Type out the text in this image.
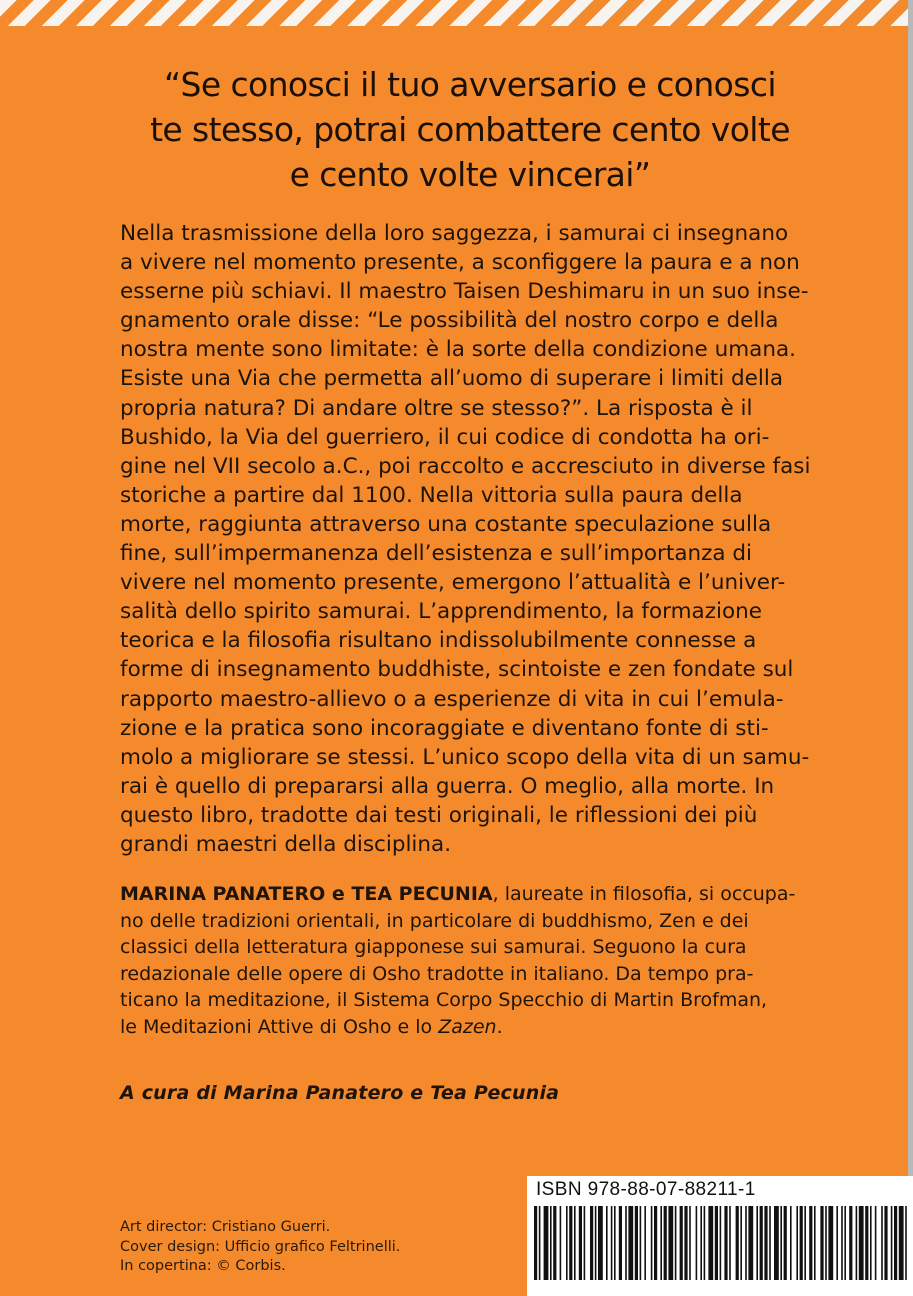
“Se conosci il tuo avversario e conosci
te stesso, potrai combattere cento volte
e cento volte vincerai”
Nella trasmissione della loro saggezza, i samurai ci insegnano
a vivere nel momento presente, a sconfiggere la paura e a non
esserne più schiavi. Il maestro Taisen Deshimaru in un suo inse-
gnamento orale disse: “Le possibilità del nostro corpo e della
nostra mente sono limitate: è la sorte della condizione umana.
Esiste una Via che permetta all’uomo di superare i limiti della
propria natura? Di andare oltre se stesso?”. La risposta è il
Bushido, la Via del guerriero, il cui codice di condotta ha ori-
gine nel VII secolo a.C., poi raccolto e accresciuto in diverse fasi
storiche a partire dal 1100. Nella vittoria sulla paura della
morte, raggiunta attraverso una costante speculazione sulla
fine, sull’impermanenza dell’esistenza e sull’importanza di
vivere nel momento presente, emergono l’attualità e l’univer-
salità dello spirito samurai. L’apprendimento, la formazione
teorica e la filosofia risultano indissolubilmente connesse a
forme di insegnamento buddhiste, scintoiste e zen fondate sul
rapporto maestro-allievo o a esperienze di vita in cui l’emula-
zione e la pratica sono incoraggiate e diventano fonte di sti-
molo a migliorare se stessi. L’unico scopo della vita di un samu-
rai è quello di prepararsi alla guerra. O meglio, alla morte. In
questo libro, tradotte dai testi originali, le riflessioni dei più
grandi maestri della disciplina.
MARINA PANATERO e TEA PECUNIA, laureate in filosofia, si occupa-
no delle tradizioni orientali, in particolare di buddhismo, Zen e dei
classici della letteratura giapponese sui samurai. Seguono la cura
redazionale delle opere di Osho tradotte in italiano. Da tempo pra-
ticano la meditazione, il Sistema Corpo Specchio di Martin Brofman,
le Meditazioni Attive di Osho e lo Zazen.
A cura di Marina Panatero e Tea Pecunia
Art director: Cristiano Guerri.
Cover design: Ufficio grafico Feltrinelli.
In copertina: © Corbis.
ISBN 978-88-07-88211-1
